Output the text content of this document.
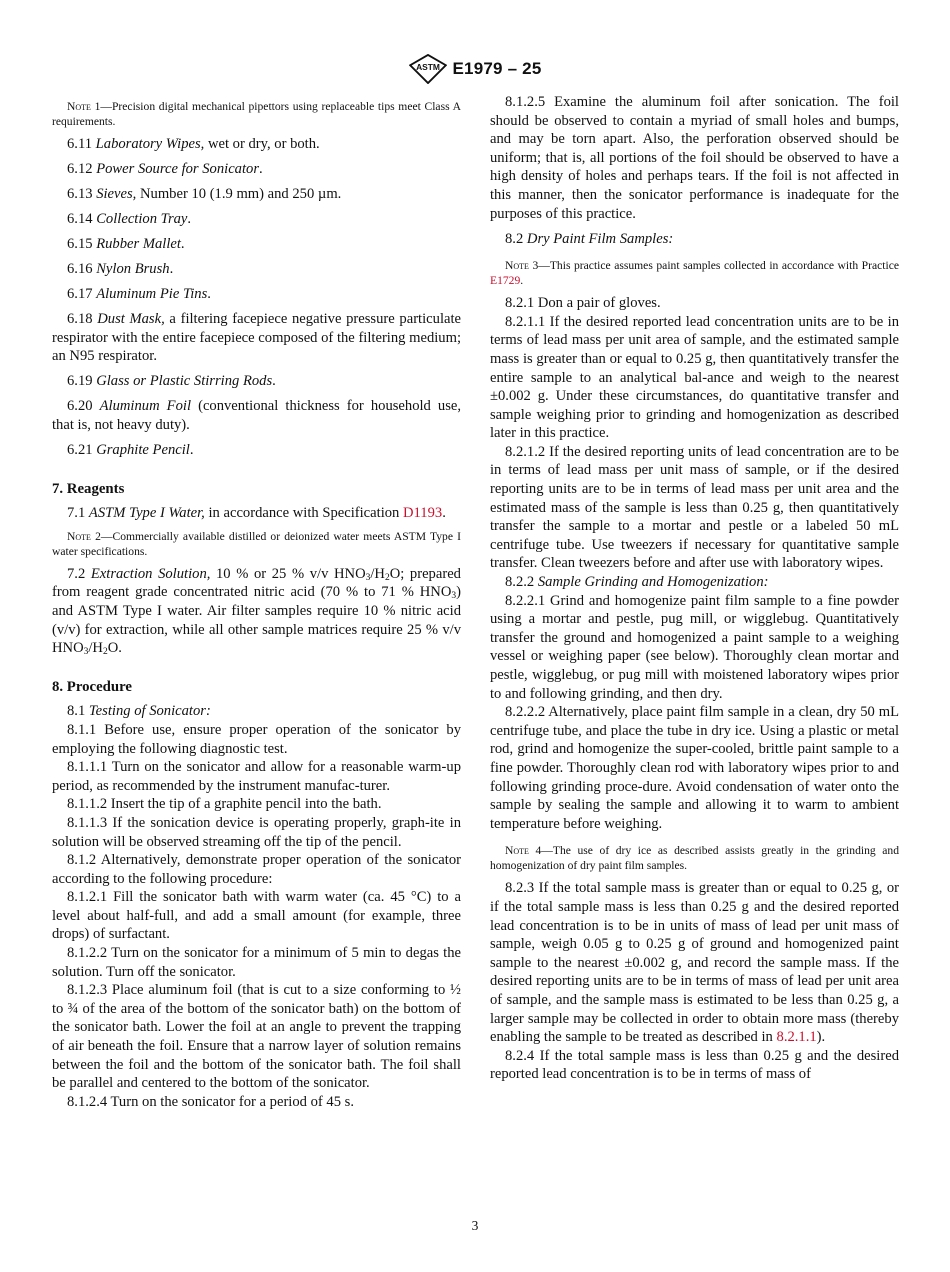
ASTM E1979 – 25
Note 1—Precision digital mechanical pipettors using replaceable tips meet Class A requirements.

6.11 Laboratory Wipes, wet or dry, or both.

6.12 Power Source for Sonicator.

6.13 Sieves, Number 10 (1.9 mm) and 250 µm.

6.14 Collection Tray.

6.15 Rubber Mallet.

6.16 Nylon Brush.

6.17 Aluminum Pie Tins.

6.18 Dust Mask, a filtering facepiece negative pressure particulate respirator with the entire facepiece composed of the filtering medium; an N95 respirator.

6.19 Glass or Plastic Stirring Rods.

6.20 Aluminum Foil (conventional thickness for household use, that is, not heavy duty).

6.21 Graphite Pencil.

7. Reagents

7.1 ASTM Type I Water, in accordance with Specification D1193.

Note 2—Commercially available distilled or deionized water meets ASTM Type I water specifications.

7.2 Extraction Solution, 10 % or 25 % v/v $HNO_3/H_2O$; prepared from reagent grade concentrated nitric acid (70 % to 71 % $HNO_3$) and ASTM Type I water. Air filter samples require 10 % nitric acid (v/v) for extraction, while all other sample matrices require 25 % v/v $HNO_3/H_2O$.

8. Procedure

8.1 Testing of Sonicator:

8.1.1 Before use, ensure proper operation of the sonicator by employing the following diagnostic test.

8.1.1.1 Turn on the sonicator and allow for a reasonable warm-up period, as recommended by the instrument manufac-turer.

8.1.1.2 Insert the tip of a graphite pencil into the bath.

8.1.1.3 If the sonication device is operating properly, graph-ite in solution will be observed streaming off the tip of the pencil.

8.1.2 Alternatively, demonstrate proper operation of the sonicator according to the following procedure:

8.1.2.1 Fill the sonicator bath with warm water (ca. 45 °C) to a level about half-full, and add a small amount (for example, three drops) of surfactant.

8.1.2.2 Turn on the sonicator for a minimum of 5 min to degas the solution. Turn off the sonicator.

8.1.2.3 Place aluminum foil (that is cut to a size conforming to ½ to ¾ of the area of the bottom of the sonicator bath) on the bottom of the sonicator bath. Lower the foil at an angle to prevent the trapping of air beneath the foil. Ensure that a narrow layer of solution remains between the foil and the bottom of the sonicator bath. The foil shall be parallel and centered to the bottom of the sonicator.

8.1.2.4 Turn on the sonicator for a period of 45 s.

8.1.2.5 Examine the aluminum foil after sonication. The foil should be observed to contain a myriad of small holes and bumps, and may be torn apart. Also, the perforation observed should be uniform; that is, all portions of the foil should be observed to have a high density of holes and perhaps tears. If the foil is not affected in this manner, then the sonicator performance is inadequate for the purposes of this practice.

8.2 Dry Paint Film Samples:

Note 3—This practice assumes paint samples collected in accordance with Practice E1729.

8.2.1 Don a pair of gloves.

8.2.1.1 If the desired reported lead concentration units are to be in terms of lead mass per unit area of sample, and the estimated sample mass is greater than or equal to 0.25 g, then quantitatively transfer the entire sample to an analytical bal-ance and weigh to the nearest ±0.002 g. Under these circumstances, do quantitative transfer and sample weighing prior to grinding and homogenization as described later in this practice.

8.2.1.2 If the desired reporting units of lead concentration are to be in terms of lead mass per unit mass of sample, or if the desired reporting units are to be in terms of lead mass per unit area and the estimated mass of the sample is less than 0.25 g, then quantitatively transfer the sample to a mortar and pestle or a labeled 50 mL centrifuge tube. Use tweezers if necessary for quantitative sample transfer. Clean tweezers before and after use with laboratory wipes.

8.2.2 Sample Grinding and Homogenization:

8.2.2.1 Grind and homogenize paint film sample to a fine powder using a mortar and pestle, pug mill, or wigglebug. Quantitatively transfer the ground and homogenized a paint sample to a weighing vessel or weighing paper (see below). Thoroughly clean mortar and pestle, wigglebug, or pug mill with moistened laboratory wipes prior to and following grinding, and then dry.

8.2.2.2 Alternatively, place paint film sample in a clean, dry 50 mL centrifuge tube, and place the tube in dry ice. Using a plastic or metal rod, grind and homogenize the super-cooled, brittle paint sample to a fine powder. Thoroughly clean rod with laboratory wipes prior to and following grinding proce-dure. Avoid condensation of water onto the sample by sealing the sample and allowing it to warm to ambient temperature before weighing.

Note 4—The use of dry ice as described assists greatly in the grinding and homogenization of dry paint film samples.

8.2.3 If the total sample mass is greater than or equal to 0.25 g, or if the total sample mass is less than 0.25 g and the desired reported lead concentration is to be in units of mass of lead per unit mass of sample, weigh 0.05 g to 0.25 g of ground and homogenized paint sample to the nearest ±0.002 g, and record the sample mass. If the desired reporting units are to be in terms of mass of lead per unit area of sample, and the sample mass is estimated to be less than 0.25 g, a larger sample may be collected in order to obtain more mass (thereby enabling the sample to be treated as described in 8.2.1.1).

8.2.4 If the total sample mass is less than 0.25 g and the desired reported lead concentration is to be in terms of mass of

3
